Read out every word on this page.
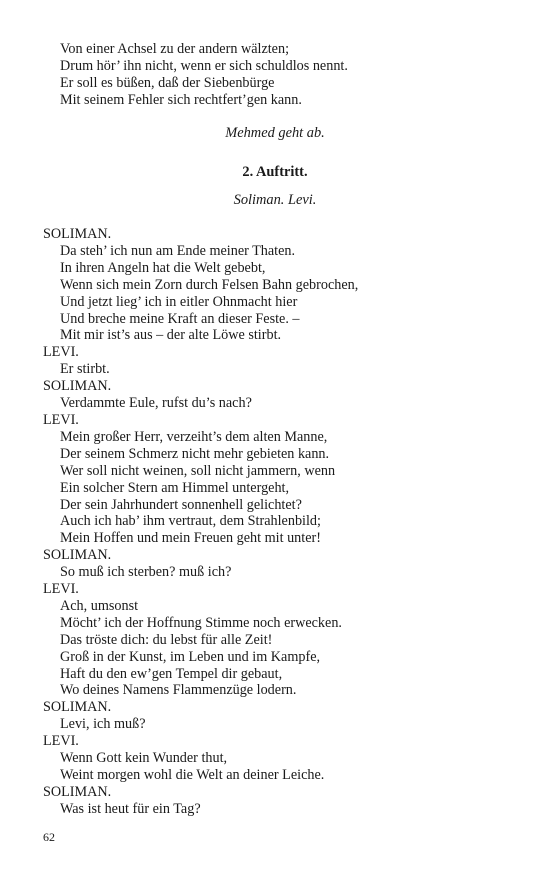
Von einer Achsel zu der andern wälzten;
Drum hör’ ihn nicht, wenn er sich schuldlos nennt.
Er soll es büßen, daß der Siebenbürge
Mit seinem Fehler sich rechtfert’gen kann.
Mehmed geht ab.
2. Auftritt.
Soliman. Levi.
SOLIMAN.
Da steh’ ich nun am Ende meiner Thaten.
In ihren Angeln hat die Welt gebebt,
Wenn sich mein Zorn durch Felsen Bahn gebrochen,
Und jetzt lieg’ ich in eitler Ohnmacht hier
Und breche meine Kraft an dieser Feste. –
Mit mir ist’s aus – der alte Löwe stirbt.
LEVI.
Er stirbt.
SOLIMAN.
Verdammte Eule, rufst du’s nach?
LEVI.
Mein großer Herr, verzeiht’s dem alten Manne,
Der seinem Schmerz nicht mehr gebieten kann.
Wer soll nicht weinen, soll nicht jammern, wenn
Ein solcher Stern am Himmel untergeht,
Der sein Jahrhundert sonnenhell gelichtet?
Auch ich hab’ ihm vertraut, dem Strahlenbild;
Mein Hoffen und mein Freuen geht mit unter!
SOLIMAN.
So muß ich sterben? muß ich?
LEVI.
Ach, umsonst
Möcht’ ich der Hoffnung Stimme noch erwecken.
Das tröste dich: du lebst für alle Zeit!
Groß in der Kunst, im Leben und im Kampfe,
Haft du den ew’gen Tempel dir gebaut,
Wo deines Namens Flammenzüge lodern.
SOLIMAN.
Levi, ich muß?
LEVI.
Wenn Gott kein Wunder thut,
Weint morgen wohl die Welt an deiner Leiche.
SOLIMAN.
Was ist heut für ein Tag?
62
